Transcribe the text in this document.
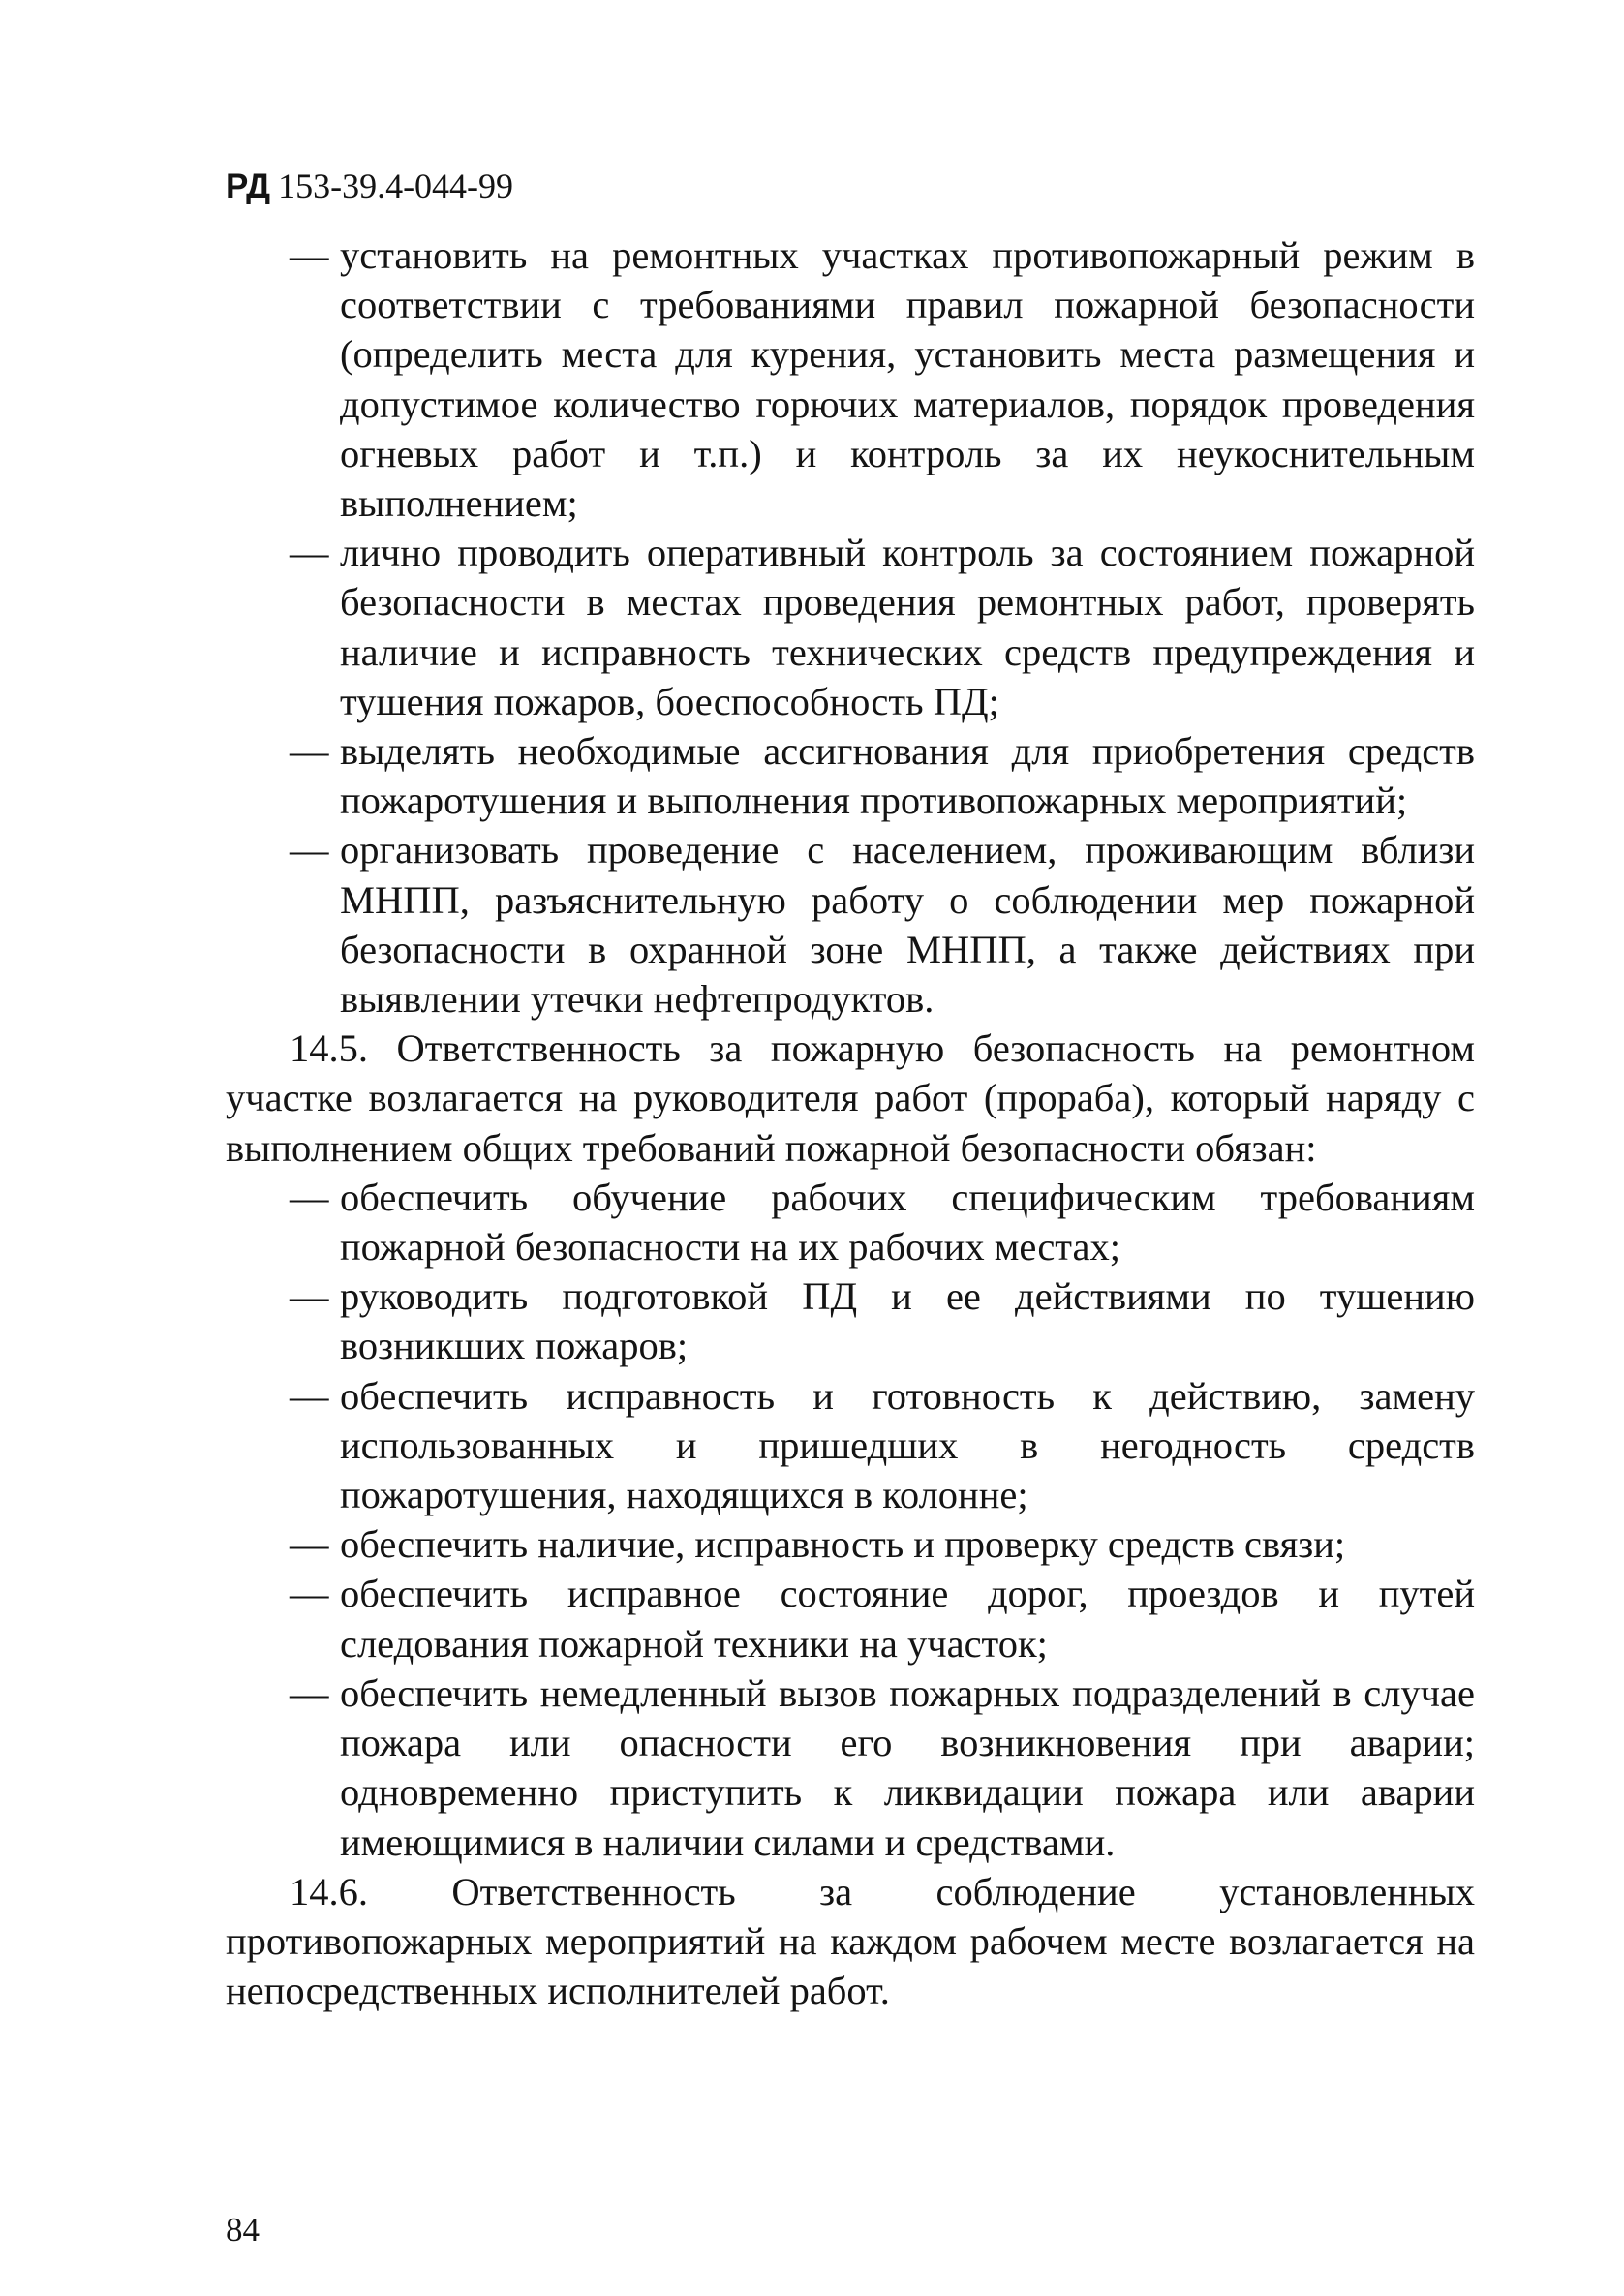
РД 153-39.4-044-99

— установить на ремонтных участках противопожарный режим в соответствии с требованиями правил пожарной безопасности (определить места для курения, установить места размещения и допустимое количество горючих материалов, порядок проведения огневых работ и т.п.) и контроль за их неукоснительным выполнением;

— лично проводить оперативный контроль за состоянием пожарной безопасности в местах проведения ремонтных работ, проверять наличие и исправность технических средств предупреждения и тушения пожаров, боеспособность ПД;

— выделять необходимые ассигнования для приобретения средств пожаротушения и выполнения противопожарных мероприятий;

— организовать проведение с населением, проживающим вблизи МНПП, разъяснительную работу о соблюдении мер пожарной безопасности в охранной зоне МНПП, а также действиях при выявлении утечки нефтепродуктов.

14.5. Ответственность за пожарную безопасность на ремонтном участке возлагается на руководителя работ (прораба), который наряду с выполнением общих требований пожарной безопасности обязан:

— обеспечить обучение рабочих специфическим требованиям пожарной безопасности на их рабочих местах;

— руководить подготовкой ПД и ее действиями по тушению возникших пожаров;

— обеспечить исправность и готовность к действию, замену использованных и пришедших в негодность средств пожаротушения, находящихся в колонне;

— обеспечить наличие, исправность и проверку средств связи;

— обеспечить исправное состояние дорог, проездов и путей следования пожарной техники на участок;

— обеспечить немедленный вызов пожарных подразделений в случае пожара или опасности его возникновения при аварии; одновременно приступить к ликвидации пожара или аварии имеющимися в наличии силами и средствами.

14.6. Ответственность за соблюдение установленных противопожарных мероприятий на каждом рабочем месте возлагается на непосредственных исполнителей работ.

84
